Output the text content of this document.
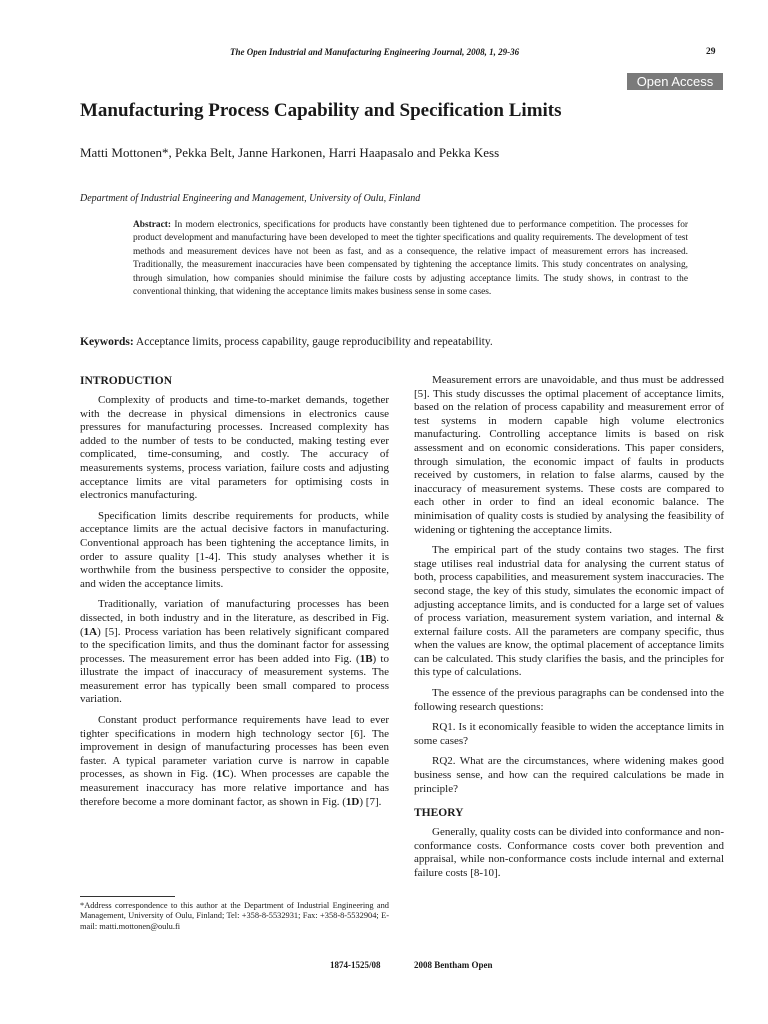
The Open Industrial and Manufacturing Engineering Journal, 2008, 1, 29-36	29
Open Access
Manufacturing Process Capability and Specification Limits
Matti Mottonen*, Pekka Belt, Janne Harkonen, Harri Haapasalo and Pekka Kess
Department of Industrial Engineering and Management, University of Oulu, Finland

Abstract: In modern electronics, specifications for products have constantly been tightened due to performance competition. The processes for product development and manufacturing have been developed to meet the tighter specifications and quality requirements. The development of test methods and measurement devices have not been as fast, and as a consequence, the relative impact of measurement errors has increased. Traditionally, the measurement inaccuracies have been compensated by tightening the acceptance limits. This study concentrates on analysing, through simulation, how companies should minimise the failure costs by adjusting acceptance limits. The study shows, in contrast to the conventional thinking, that widening the acceptance limits makes business sense in some cases.

Keywords: Acceptance limits, process capability, gauge reproducibility and repeatability.

INTRODUCTION

Complexity of products and time-to-market demands, together with the decrease in physical dimensions in electronics cause pressures for manufacturing processes. Increased complexity has added to the number of tests to be conducted, making testing ever complicated, time-consuming, and costly. The accuracy of measurements systems, process variation, failure costs and adjusting acceptance limits are vital parameters for optimising costs in electronics manufacturing.

Specification limits describe requirements for products, while acceptance limits are the actual decisive factors in manufacturing. Conventional approach has been tightening the acceptance limits, in order to assure quality [1-4]. This study analyses whether it is worthwhile from the business perspective to consider the opposite, and widen the acceptance limits.

Traditionally, variation of manufacturing processes has been dissected, in both industry and in the literature, as described in Fig. (1A) [5]. Process variation has been relatively significant compared to the specification limits, and thus the dominant factor for assessing processes. The measurement error has been added into Fig. (1B) to illustrate the impact of inaccuracy of measurement systems. The measurement error has typically been small compared to process variation.

Constant product performance requirements have lead to ever tighter specifications in modern high technology sector [6]. The improvement in design of manufacturing processes has been even faster. A typical parameter variation curve is narrow in capable processes, as shown in Fig. (1C). When processes are capable the measurement inaccuracy has more relative importance and has therefore become a more dominant factor, as shown in Fig. (1D) [7].

Measurement errors are unavoidable, and thus must be addressed [5]. This study discusses the optimal placement of acceptance limits, based on the relation of process capability and measurement error of test systems in modern capable high volume electronics manufacturing. Controlling acceptance limits is based on risk assessment and on economic considerations. This paper considers, through simulation, the economic impact of faults in products received by customers, in relation to false alarms, caused by the inaccuracy of measurement systems. These costs are compared to each other in order to find an ideal economic balance. The minimisation of quality costs is studied by analysing the feasibility of widening or tightening the acceptance limits.

The empirical part of the study contains two stages. The first stage utilises real industrial data for analysing the current status of both, process capabilities, and measurement system inaccuracies. The second stage, the key of this study, simulates the economic impact of adjusting acceptance limits, and is conducted for a large set of values of process variation, measurement system variation, and internal & external failure costs. All the parameters are company specific, thus when the values are know, the optimal placement of acceptance limits can be calculated. This study clarifies the basis, and the principles for this type of calculations.

The essence of the previous paragraphs can be condensed into the following research questions:

RQ1. Is it economically feasible to widen the acceptance limits in some cases?

RQ2. What are the circumstances, where widening makes good business sense, and how can the required calculations be made in principle?

THEORY

Generally, quality costs can be divided into conformance and non-conformance costs. Conformance costs cover both prevention and appraisal, while non-conformance costs include internal and external failure costs [8-10].

*Address correspondence to this author at the Department of Industrial Engineering and Management, University of Oulu, Finland; Tel: +358-8-5532931; Fax: +358-8-5532904; E-mail: matti.mottonen@oulu.fi

1874-1525/08	2008 Bentham Open
